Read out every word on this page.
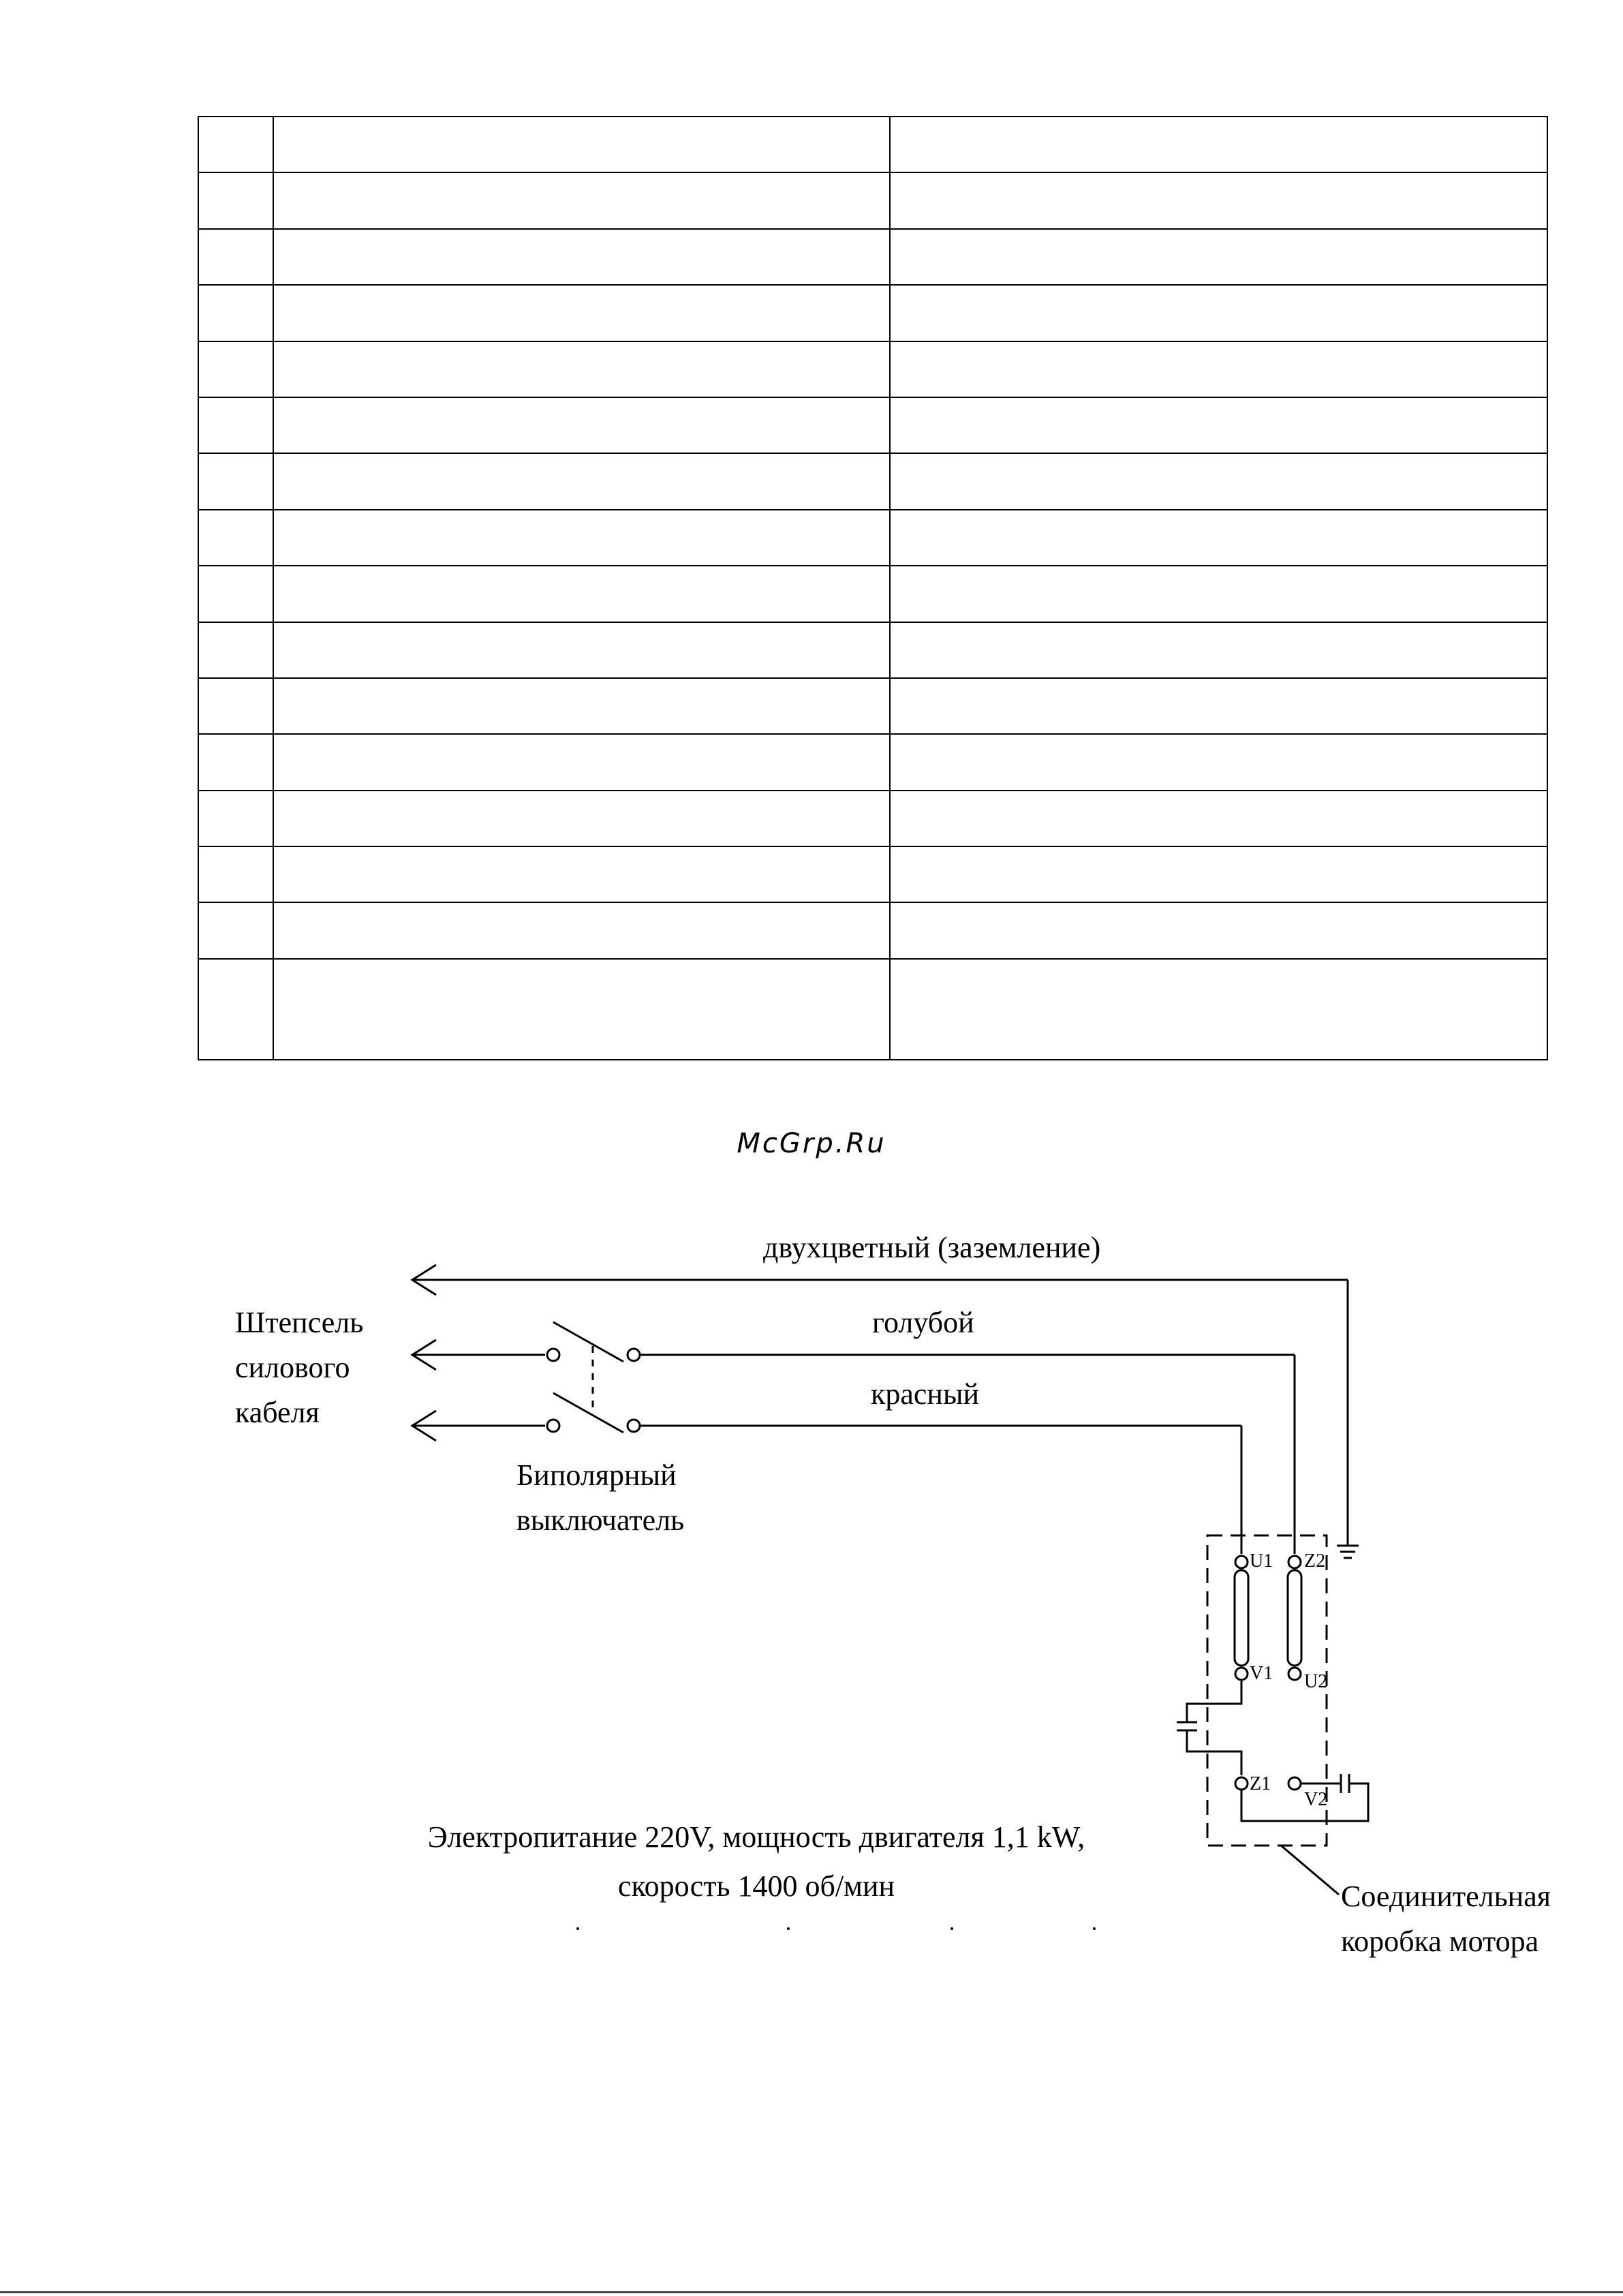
McGrp.Ru
двухцветный (заземление)
голубой
красный
Штепсель
силового
кабеля
Биполярный
выключатель
Соединительная
коробка мотора
Электропитание 220V, мощность двигателя 1,1 kW,
скорость 1400 об/мин
U1
V1
Z2
U2
Z1
V2
